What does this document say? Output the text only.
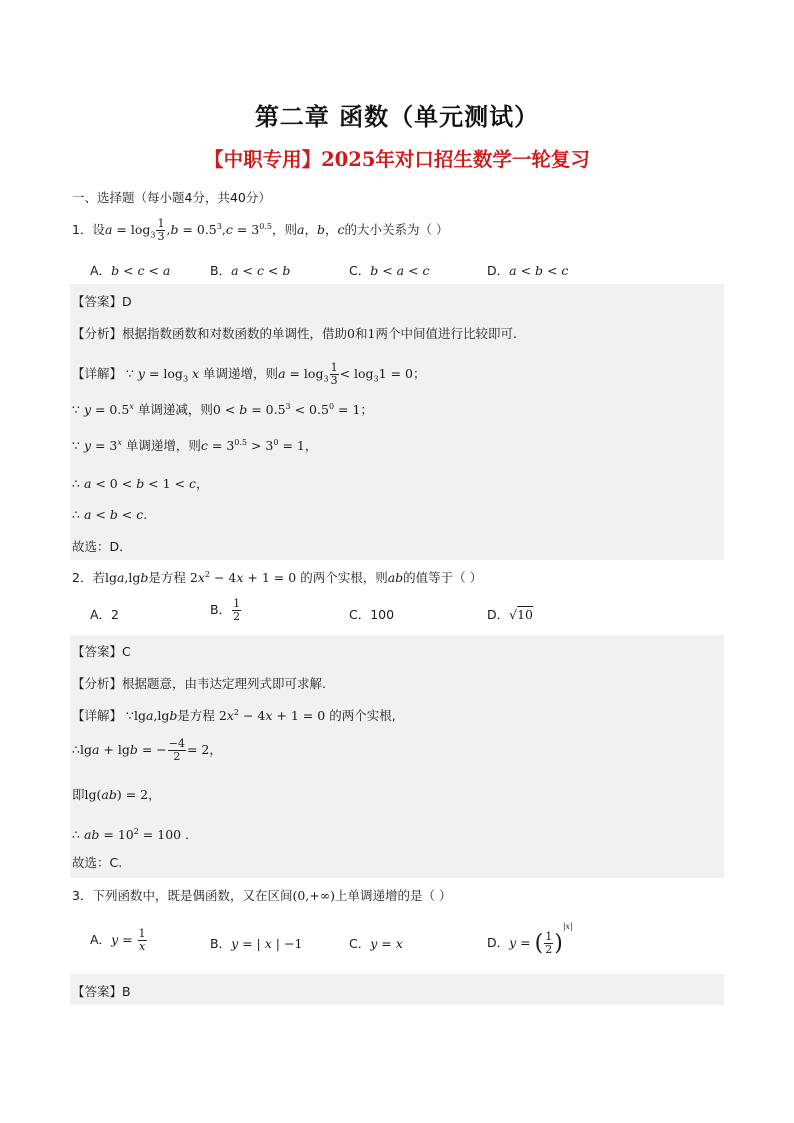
第二章 函数（单元测试）
【中职专用】2025年对口招生数学一轮复习
一、选择题（每小题4分，共40分）
1．设$a = \log_3 \frac{1}{3} ,b = 0.5^3,c = 3^{0.5}$，则a，b，c的大小关系为（ ）
A．b < c < a	B．a < c < b	C．b < a < c	D．a < b < c
【答案】D
【分析】根据指数函数和对数函数的单调性，借助0和1两个中间值进行比较即可.
【详解】 ∵ $y = \log_3 x$ 单调递增，则$a = \log_3 \frac{1}{3} < \log_31 = 0$；
∵ $y = 0.5^x$ 单调递减，则$0 < b = 0.5^3 < 0.5^0 = 1$；
∵ $y = 3^x$ 单调递增，则$c = 3^{0.5} > 3^0 = 1$，
∴ a < 0 < b < 1 < c，
∴ a < b < c.
故选：D.
2．若lga,lgb是方程 $2x^2 - 4x + 1 = 0$ 的两个实根，则ab的值等于（ ）
A．2	B． $\frac{1}{2}$	C．100	D．√10
【答案】C
【分析】根据题意，由韦达定理列式即可求解.
【详解】 ∵lga,lgb是方程 $2x^2 - 4x + 1 = 0$ 的两个实根,
∴lga + lgb = − $\frac{-4}{2} = 2$，
即lg(ab) = 2，
∴ ab = $10^2 = 100$ ．
故选：C.
3．下列函数中，既是偶函数，又在区间(0,+∞)上单调递增的是（ ）
A．$y = \frac{1}{x}$	B．y = | x | −1	C．y = x	D．y = ( $\frac{1}{2} )^{|x|}$
【答案】B
